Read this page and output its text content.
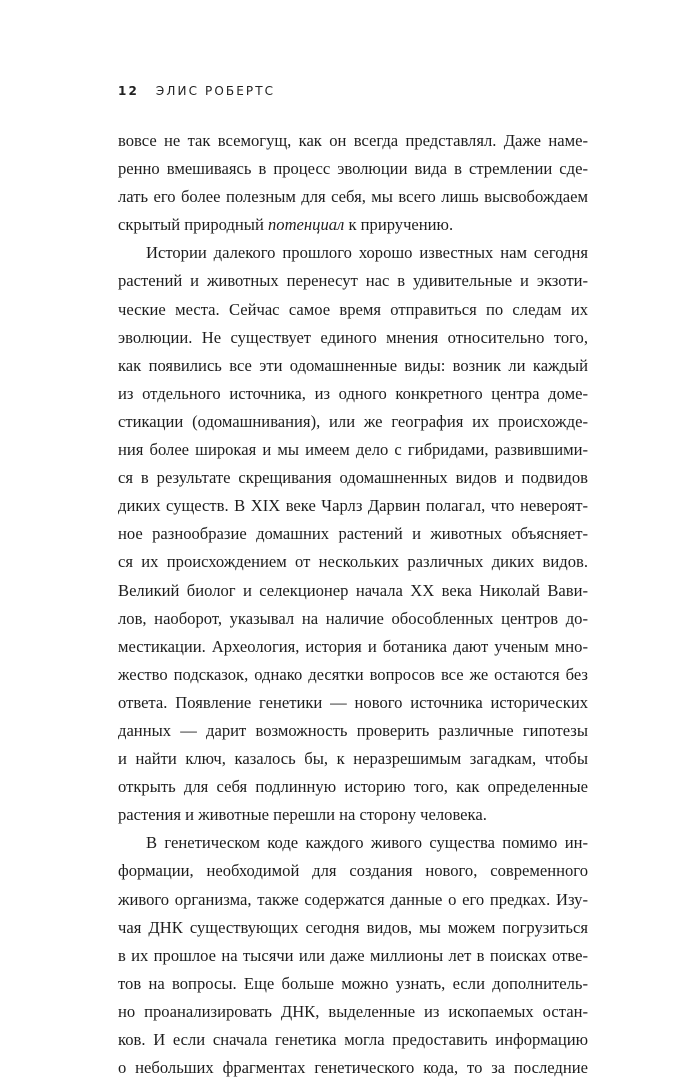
12 ЭЛИС РОБЕРТС
вовсе не так всемогущ, как он всегда представлял. Даже наме-
ренно вмешиваясь в процесс эволюции вида в стремлении сде-
лать его более полезным для себя, мы всего лишь высвобождаем
скрытый природный потенциал к приручению.
Истории далекого прошлого хорошо известных нам сегодня
растений и животных перенесут нас в удивительные и экзоти-
ческие места. Сейчас самое время отправиться по следам их
эволюции. Не существует единого мнения относительно того,
как появились все эти одомашненные виды: возник ли каждый
из отдельного источника, из одного конкретного центра доме-
стикации (одомашнивания), или же география их происхожде-
ния более широкая и мы имеем дело с гибридами, развившими-
ся в результате скрещивания одомашненных видов и подвидов
диких существ. В XIX веке Чарлз Дарвин полагал, что невероят-
ное разнообразие домашних растений и животных объясняет-
ся их происхождением от нескольких различных диких видов.
Великий биолог и селекционер начала XX века Николай Вави-
лов, наоборот, указывал на наличие обособленных центров до-
местикации. Археология, история и ботаника дают ученым мно-
жество подсказок, однако десятки вопросов все же остаются без
ответа. Появление генетики — нового источника исторических
данных — дарит возможность проверить различные гипотезы
и найти ключ, казалось бы, к неразрешимым загадкам, чтобы
открыть для себя подлинную историю того, как определенные
растения и животные перешли на сторону человека.
В генетическом коде каждого живого существа помимо ин-
формации, необходимой для создания нового, современного
живого организма, также содержатся данные о его предках. Изу-
чая ДНК существующих сегодня видов, мы можем погрузиться
в их прошлое на тысячи или даже миллионы лет в поисках отве-
тов на вопросы. Еще больше можно узнать, если дополнитель-
но проанализировать ДНК, выделенные из ископаемых остан-
ков. И если сначала генетика могла предоставить информацию
о небольших фрагментах генетического кода, то за последние
